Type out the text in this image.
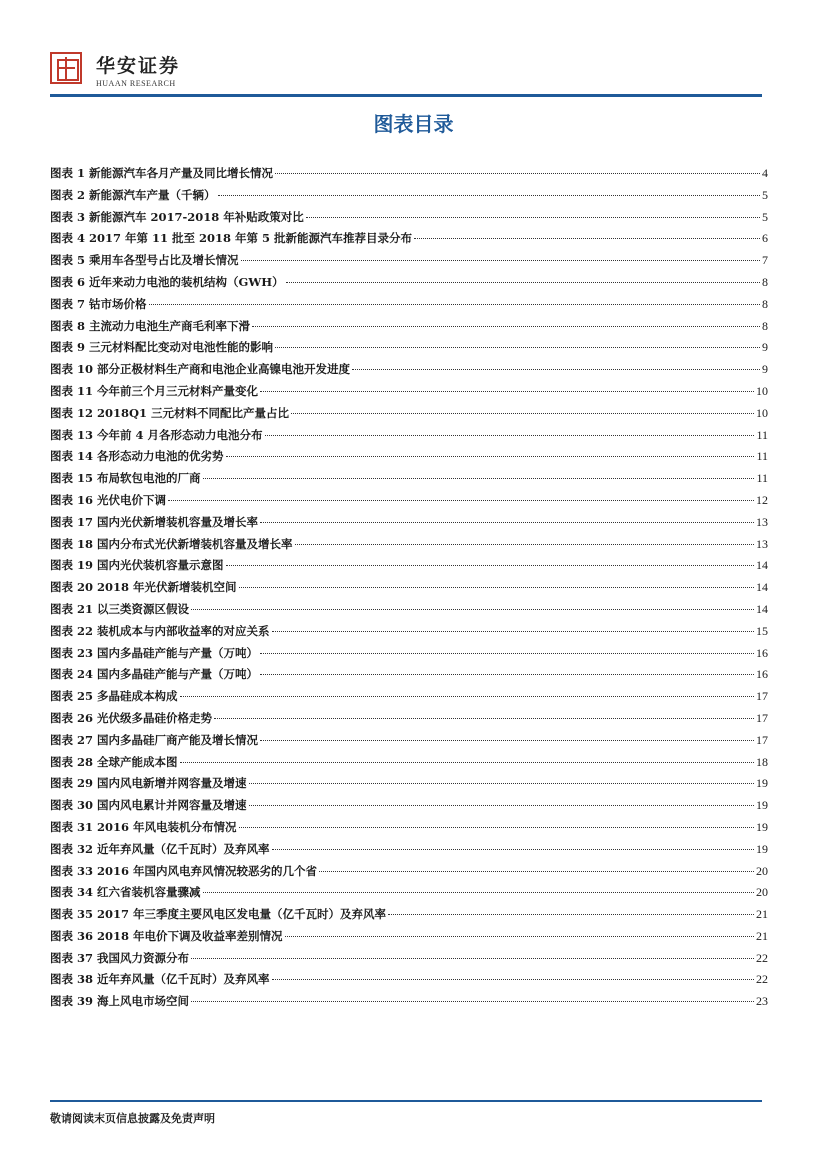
华安证券
HUAAN RESEARCH
图表目录
图表 1 新能源汽车各月产量及同比增长情况	4
图表 2 新能源汽车产量（千辆）	5
图表 3 新能源汽车 2017-2018 年补贴政策对比	5
图表 4 2017 年第 11 批至 2018 年第 5 批新能源汽车推荐目录分布	6
图表 5 乘用车各型号占比及增长情况	7
图表 6 近年来动力电池的装机结构（GWH）	8
图表 7 钴市场价格	8
图表 8 主流动力电池生产商毛利率下滑	8
图表 9 三元材料配比变动对电池性能的影响	9
图表 10 部分正极材料生产商和电池企业高镍电池开发进度	9
图表 11 今年前三个月三元材料产量变化	10
图表 12 2018Q1 三元材料不同配比产量占比	10
图表 13 今年前 4 月各形态动力电池分布	11
图表 14 各形态动力电池的优劣势	11
图表 15 布局软包电池的厂商	11
图表 16 光伏电价下调	12
图表 17 国内光伏新增装机容量及增长率	13
图表 18 国内分布式光伏新增装机容量及增长率	13
图表 19 国内光伏装机容量示意图	14
图表 20 2018 年光伏新增装机空间	14
图表 21 以三类资源区假设	14
图表 22 装机成本与内部收益率的对应关系	15
图表 23 国内多晶硅产能与产量（万吨）	16
图表 24 国内多晶硅产能与产量（万吨）	16
图表 25 多晶硅成本构成	17
图表 26 光伏级多晶硅价格走势	17
图表 27 国内多晶硅厂商产能及增长情况	17
图表 28 全球产能成本图	18
图表 29 国内风电新增并网容量及增速	19
图表 30 国内风电累计并网容量及增速	19
图表 31 2016 年风电装机分布情况	19
图表 32 近年弃风量（亿千瓦时）及弃风率	19
图表 33 2016 年国内风电弃风情况较恶劣的几个省	20
图表 34 红六省装机容量骤减	20
图表 35 2017 年三季度主要风电区发电量（亿千瓦时）及弃风率	21
图表 36 2018 年电价下调及收益率差别情况	21
图表 37 我国风力资源分布	22
图表 38 近年弃风量（亿千瓦时）及弃风率	22
图表 39 海上风电市场空间	23
敬请阅读末页信息披露及免责声明
